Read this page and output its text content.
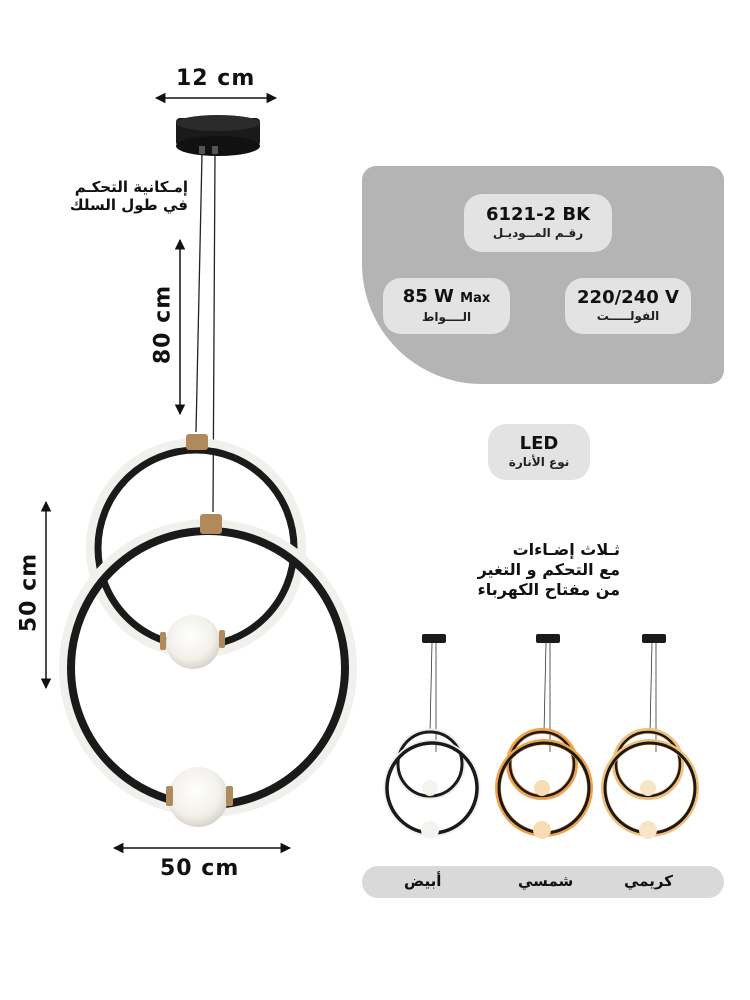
12 cm
80 cm
50 cm
50 cm
إمـكانية التحكـم
في طول السلك	6121-2 BK
رقـم المــوديـل
85 W Max
الــــواط
220/240 V
الفولـــــت
LED
نوع الأنارة
ثـلاث إضـاءات
مع التحكم و التغير
من مفتاح الكهرباء
أبيض	شمسي	كريمي
